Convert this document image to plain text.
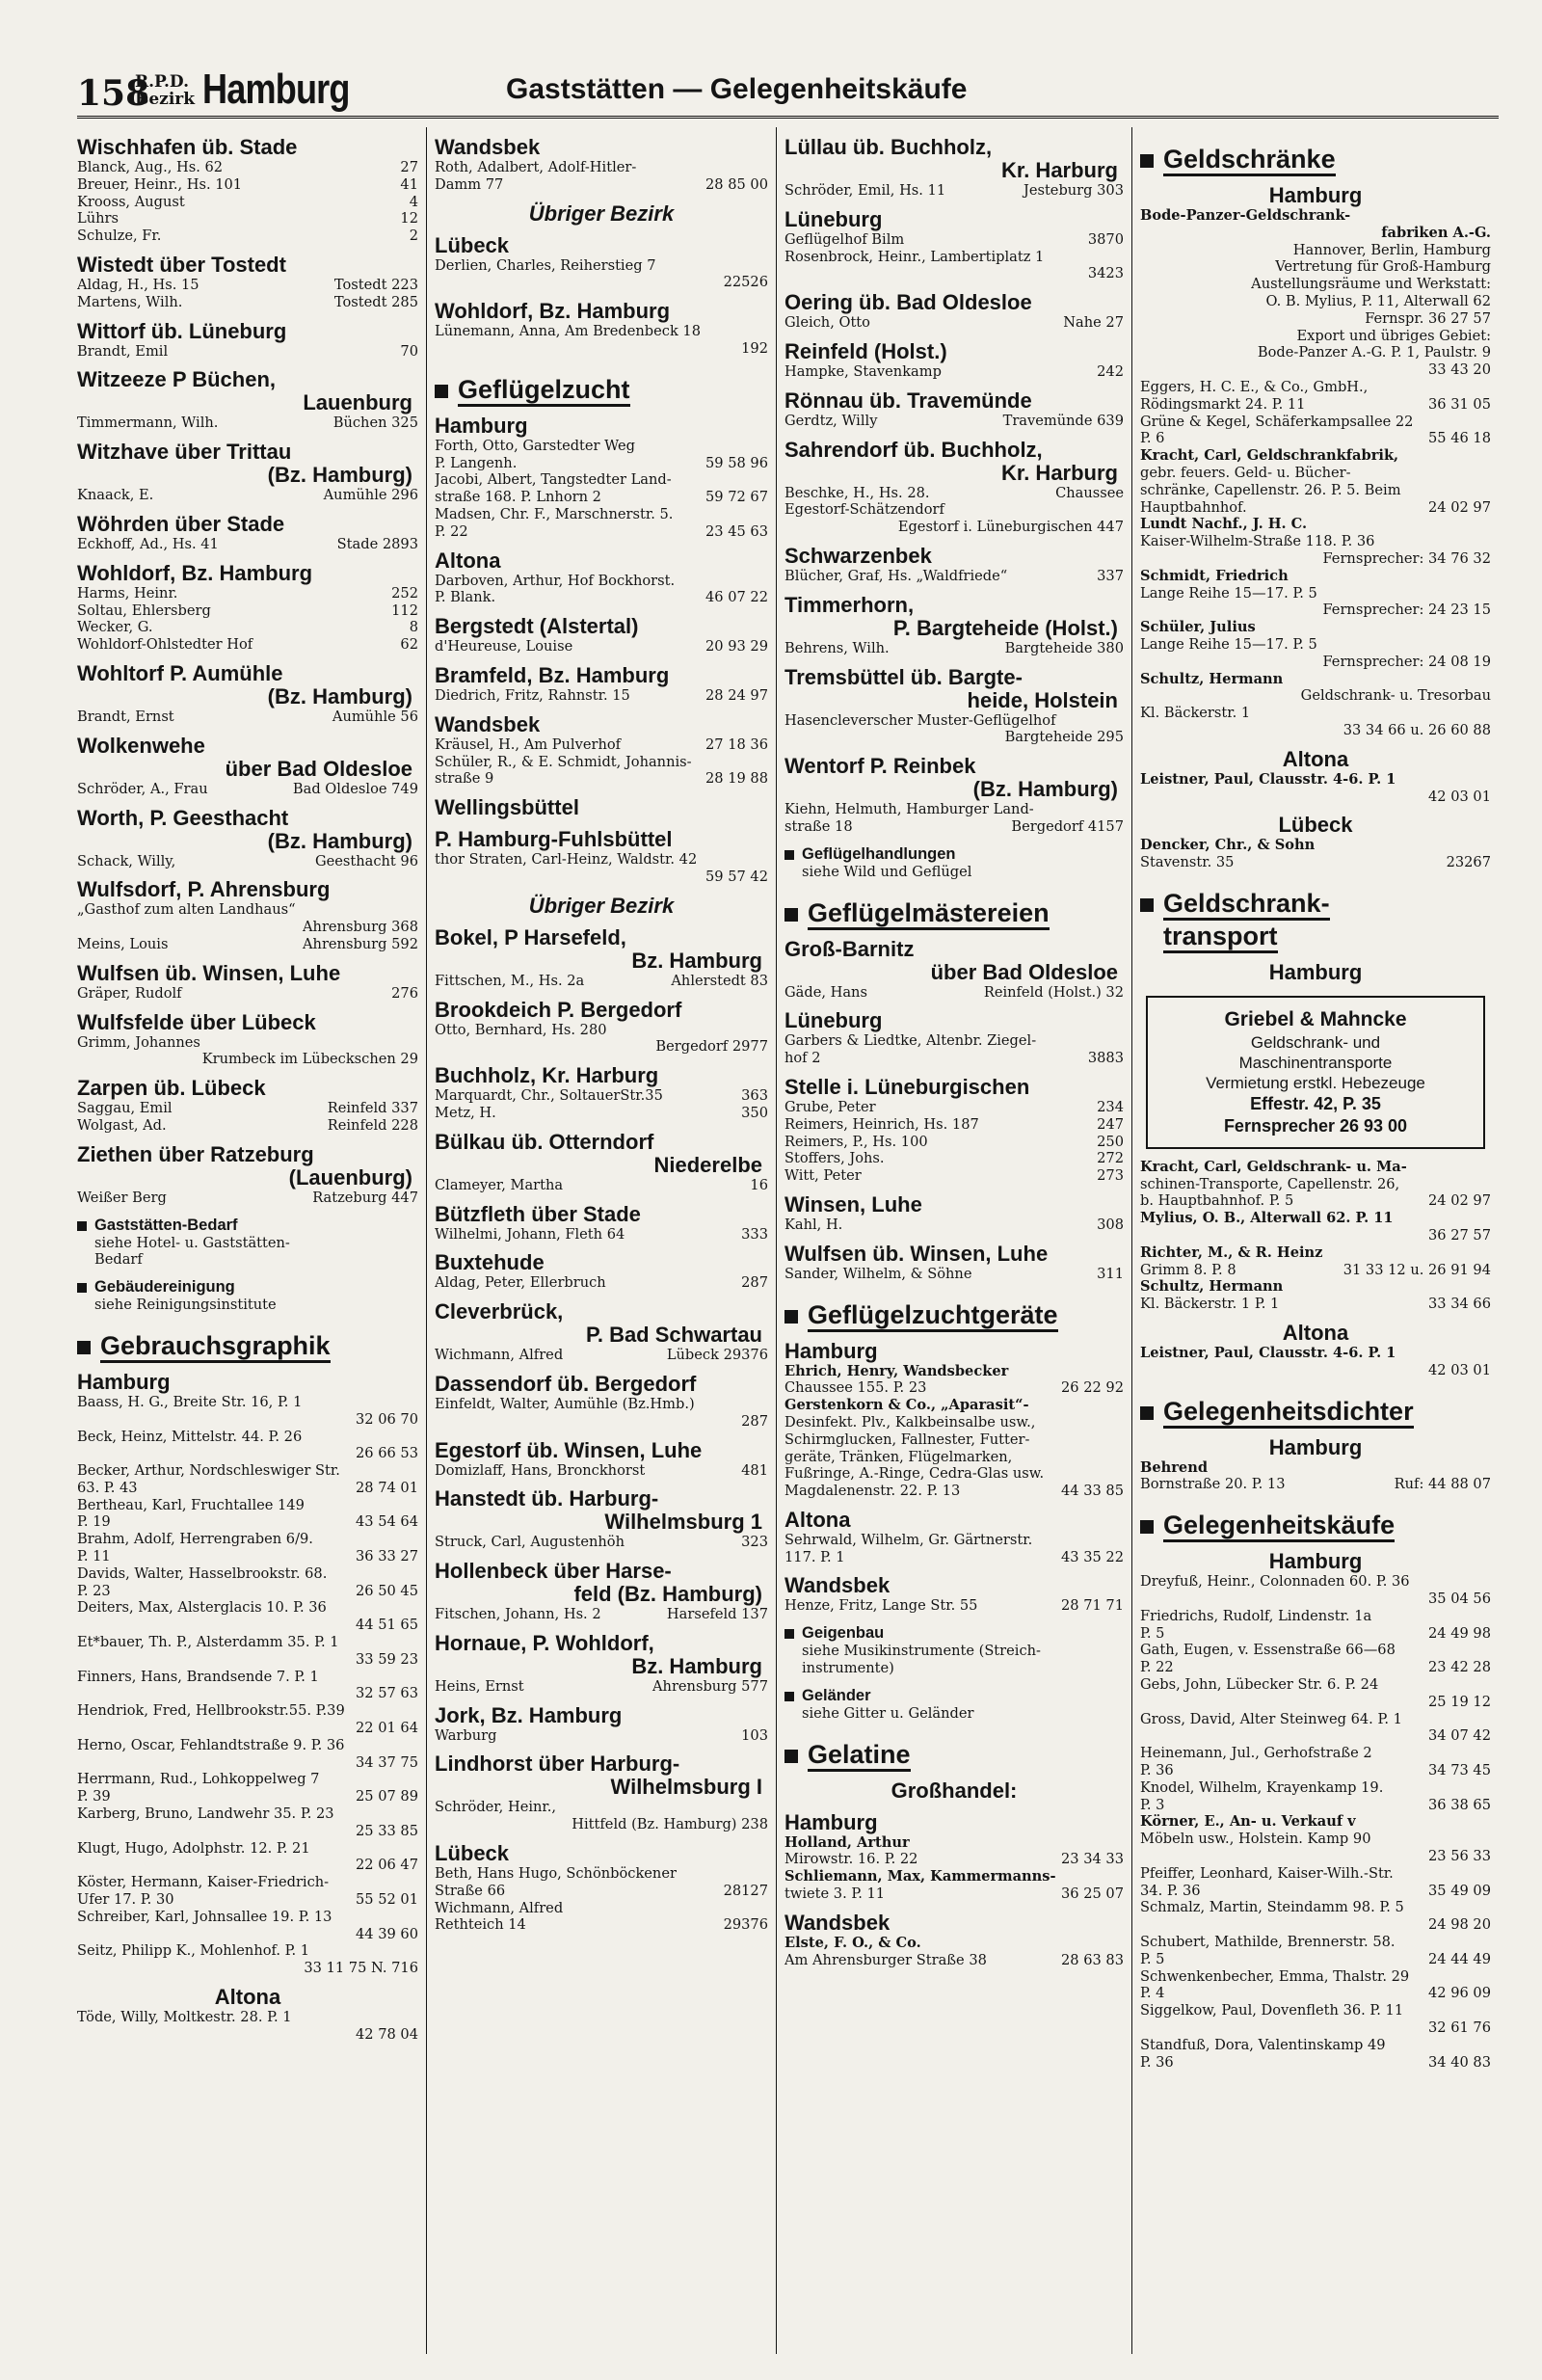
158
R.P.D.
Bezirk Hamburg	Gaststätten — Gelegenheitskäufe
Wischhafen üb. Stade
Blanck, Aug., Hs. 62	27
Breuer, Heinr., Hs. 101	41
Krooss, August	4
Lührs	12
Schulze, Fr.	2
Wistedt über Tostedt
Aldag, H., Hs. 15	Tostedt 223
Martens, Wilh.	Tostedt 285
Wittorf üb. Lüneburg
Brandt, Emil	70
Witzeeze P Büchen,
Lauenburg
Timmermann, Wilh.	Büchen 325
Witzhave über Trittau
(Bz. Hamburg)
Knaack, E.	Aumühle 296
Wöhrden über Stade
Eckhoff, Ad., Hs. 41	Stade 2893
Wohldorf, Bz. Hamburg
Harms, Heinr.	252
Soltau, Ehlersberg	112
Wecker, G.	8
Wohldorf-Ohlstedter Hof	62
Wohltorf P. Aumühle
(Bz. Hamburg)
Brandt, Ernst	Aumühle 56
Wolkenwehe
über Bad Oldesloe
Schröder, A., Frau	Bad Oldesloe 749
Worth, P. Geesthacht
(Bz. Hamburg)
Schack, Willy,	Geesthacht 96
Wulfsdorf, P. Ahrensburg
„Gasthof zum alten Landhaus“
Ahrensburg 368
Meins, Louis	Ahrensburg 592
Wulfsen üb. Winsen, Luhe
Gräper, Rudolf	276
Wulfsfelde über Lübeck
Grimm, Johannes
Krumbeck im Lübeckschen 29
Zarpen üb. Lübeck
Saggau, Emil	Reinfeld 337
Wolgast, Ad.	Reinfeld 228
Ziethen über Ratzeburg
(Lauenburg)
Weißer Berg	Ratzeburg 447
Gaststätten-Bedarf
siehe Hotel- u. Gaststätten-
Bedarf
Gebäudereinigung
siehe Reinigungsinstitute
Gebrauchsgraphik
Hamburg
Baass, H. G., Breite Str. 16, P. 1
32 06 70
Beck, Heinz, Mittelstr. 44. P. 26
26 66 53
Becker, Arthur, Nordschleswiger Str.
63. P. 43	28 74 01
Bertheau, Karl, Fruchtallee 149
P. 19	43 54 64
Brahm, Adolf, Herrengraben 6/9.
P. 11	36 33 27
Davids, Walter, Hasselbrookstr. 68.
P. 23	26 50 45
Deiters, Max, Alsterglacis 10. P. 36
44 51 65
Et*bauer, Th. P., Alsterdamm 35. P. 1
33 59 23
Finners, Hans, Brandsende 7. P. 1
32 57 63
Hendriok, Fred, Hellbrookstr.55. P.39
22 01 64
Herno, Oscar, Fehlandtstraße 9. P. 36
34 37 75
Herrmann, Rud., Lohkoppelweg 7
P. 39	25 07 89
Karberg, Bruno, Landwehr 35. P. 23
25 33 85
Klugt, Hugo, Adolphstr. 12. P. 21
22 06 47
Köster, Hermann, Kaiser-Friedrich-
Ufer 17. P. 30	55 52 01
Schreiber, Karl, Johnsallee 19. P. 13
44 39 60
Seitz, Philipp K., Mohlenhof. P. 1
33 11 75 N. 716
Altona
Töde, Willy, Moltkestr. 28. P. 1
42 78 04
Wandsbek
Roth, Adalbert, Adolf-Hitler-
Damm 77	28 85 00
Übriger Bezirk
Lübeck
Derlien, Charles, Reiherstieg 7
22526
Wohldorf, Bz. Hamburg
Lünemann, Anna, Am Bredenbeck 18
192
Geflügelzucht
Hamburg
Forth, Otto, Garstedter Weg
P. Langenh.	59 58 96
Jacobi, Albert, Tangstedter Land-
straße 168. P. Lnhorn 2	59 72 67
Madsen, Chr. F., Marschnerstr. 5.
P. 22	23 45 63
Altona
Darboven, Arthur, Hof Bockhorst.
P. Blank.	46 07 22
Bergstedt (Alstertal)
d'Heureuse, Louise	20 93 29
Bramfeld, Bz. Hamburg
Diedrich, Fritz, Rahnstr. 15	28 24 97
Wandsbek
Kräusel, H., Am Pulverhof	27 18 36
Schüler, R., & E. Schmidt, Johannis-
straße 9	28 19 88
Wellingsbüttel
P. Hamburg-Fuhlsbüttel
thor Straten, Carl-Heinz, Waldstr. 42
59 57 42
Übriger Bezirk
Bokel, P Harsefeld,
Bz. Hamburg
Fittschen, M., Hs. 2a	Ahlerstedt 83
Brookdeich P. Bergedorf
Otto, Bernhard, Hs. 280
Bergedorf 2977
Buchholz, Kr. Harburg
Marquardt, Chr., SoltauerStr.35	363
Metz, H.	350
Bülkau üb. Otterndorf
Niederelbe
Clameyer, Martha	16
Bützfleth über Stade
Wilhelmi, Johann, Fleth 64	333
Buxtehude
Aldag, Peter, Ellerbruch	287
Cleverbrück,
P. Bad Schwartau
Wichmann, Alfred	Lübeck 29376
Dassendorf üb. Bergedorf
Einfeldt, Walter, Aumühle (Bz.Hmb.)
287
Egestorf üb. Winsen, Luhe
Domizlaff, Hans, Bronckhorst	481
Hanstedt üb. Harburg-
Wilhelmsburg 1
Struck, Carl, Augustenhöh	323
Hollenbeck über Harse-
feld (Bz. Hamburg)
Fitschen, Johann, Hs. 2	Harsefeld 137
Hornaue, P. Wohldorf,
Bz. Hamburg
Heins, Ernst	Ahrensburg 577
Jork, Bz. Hamburg
Warburg	103
Lindhorst über Harburg-
Wilhelmsburg I
Schröder, Heinr.,
Hittfeld (Bz. Hamburg) 238
Lübeck
Beth, Hans Hugo, Schönböckener
Straße 66	28127
Wichmann, Alfred
Rethteich 14	29376
Lüllau üb. Buchholz,
Kr. Harburg
Schröder, Emil, Hs. 11	Jesteburg 303
Lüneburg
Geflügelhof Bilm	3870
Rosenbrock, Heinr., Lambertiplatz 1
3423
Oering üb. Bad Oldesloe
Gleich, Otto	Nahe 27
Reinfeld (Holst.)
Hampke, Stavenkamp	242
Rönnau üb. Travemünde
Gerdtz, Willy	Travemünde 639
Sahrendorf üb. Buchholz,
Kr. Harburg
Beschke, H., Hs. 28.	Chaussee
Egestorf-Schätzendorf
Egestorf i. Lüneburgischen 447
Schwarzenbek
Blücher, Graf, Hs. „Waldfriede“	337
Timmerhorn,
P. Bargteheide (Holst.)
Behrens, Wilh.	Bargteheide 380
Tremsbüttel üb. Bargte-
heide, Holstein
Hasencleverscher Muster-Geflügelhof
Bargteheide 295
Wentorf P. Reinbek
(Bz. Hamburg)
Kiehn, Helmuth, Hamburger Land-
straße 18	Bergedorf 4157
Geflügelhandlungen
siehe Wild und Geflügel
Geflügelmästereien
Groß-Barnitz
über Bad Oldesloe
Gäde, Hans	Reinfeld (Holst.) 32
Lüneburg
Garbers & Liedtke, Altenbr. Ziegel-
hof 2	3883
Stelle i. Lüneburgischen
Grube, Peter	234
Reimers, Heinrich, Hs. 187	247
Reimers, P., Hs. 100	250
Stoffers, Johs.	272
Witt, Peter	273
Winsen, Luhe
Kahl, H.	308
Wulfsen üb. Winsen, Luhe
Sander, Wilhelm, & Söhne	311
Geflügelzuchtgeräte
Hamburg
Ehrich, Henry, Wandsbecker
Chaussee 155. P. 23	26 22 92
Gerstenkorn & Co., „Aparasit“-
Desinfekt. Plv., Kalkbeinsalbe usw.,
Schirmglucken, Fallnester, Futter-
geräte, Tränken, Flügelmarken,
Fußringe, A.-Ringe, Cedra-Glas usw.
Magdalenenstr. 22. P. 13	44 33 85
Altona
Sehrwald, Wilhelm, Gr. Gärtnerstr.
117. P. 1	43 35 22
Wandsbek
Henze, Fritz, Lange Str. 55	28 71 71
Geigenbau
siehe Musikinstrumente (Streich-
instrumente)
Geländer
siehe Gitter u. Geländer
Gelatine
Großhandel:
Hamburg
Holland, Arthur
Mirowstr. 16. P. 22	23 34 33
Schliemann, Max, Kammermanns-
twiete 3. P. 11	36 25 07
Wandsbek
Elste, F. O., & Co.
Am Ahrensburger Straße 38	28 63 83
Geldschränke
Hamburg
Bode-Panzer-Geldschrank-
fabriken A.-G.
Hannover, Berlin, Hamburg
Vertretung für Groß-Hamburg
Austellungsräume und Werkstatt:
O. B. Mylius, P. 11, Alterwall 62
Fernspr. 36 27 57
Export und übriges Gebiet:
Bode-Panzer A.-G. P. 1, Paulstr. 9
33 43 20
Eggers, H. C. E., & Co., GmbH.,
Rödingsmarkt 24. P. 11	36 31 05
Grüne & Kegel, Schäferkampsallee 22
P. 6	55 46 18
Kracht, Carl, Geldschrankfabrik,
gebr. feuers. Geld- u. Bücher-
schränke, Capellenstr. 26. P. 5. Beim
Hauptbahnhof.	24 02 97
Lundt Nachf., J. H. C.
Kaiser-Wilhelm-Straße 118. P. 36
Fernsprecher: 34 76 32
Schmidt, Friedrich
Lange Reihe 15—17. P. 5
Fernsprecher: 24 23 15
Schüler, Julius
Lange Reihe 15—17. P. 5
Fernsprecher: 24 08 19
Schultz, Hermann
Geldschrank- u. Tresorbau
Kl. Bäckerstr. 1
33 34 66 u. 26 60 88
Altona
Leistner, Paul, Clausstr. 4-6. P. 1
42 03 01
Lübeck
Dencker, Chr., & Sohn
Stavenstr. 35	23267
Geldschrank-
transport
Hamburg
Griebel & Mahncke
Geldschrank- und
Maschinentransporte
Vermietung erstkl. Hebezeuge
Effestr. 42, P. 35
Fernsprecher 26 93 00
Kracht, Carl, Geldschrank- u. Ma-
schinen-Transporte, Capellenstr. 26,
b. Hauptbahnhof. P. 5	24 02 97
Mylius, O. B., Alterwall 62. P. 11
36 27 57
Richter, M., & R. Heinz
Grimm 8. P. 8	31 33 12 u. 26 91 94
Schultz, Hermann
Kl. Bäckerstr. 1 P. 1	33 34 66
Altona
Leistner, Paul, Clausstr. 4-6. P. 1
42 03 01
Gelegenheitsdichter
Hamburg
Behrend
Bornstraße 20. P. 13	Ruf: 44 88 07
Gelegenheitskäufe
Hamburg
Dreyfuß, Heinr., Colonnaden 60. P. 36
35 04 56
Friedrichs, Rudolf, Lindenstr. 1a
P. 5	24 49 98
Gath, Eugen, v. Essenstraße 66—68
P. 22	23 42 28
Gebs, John, Lübecker Str. 6. P. 24
25 19 12
Gross, David, Alter Steinweg 64. P. 1
34 07 42
Heinemann, Jul., Gerhofstraße 2
P. 36	34 73 45
Knodel, Wilhelm, Krayenkamp 19.
P. 3	36 38 65
Körner, E., An- u. Verkauf v
Möbeln usw., Holstein. Kamp 90
23 56 33
Pfeiffer, Leonhard, Kaiser-Wilh.-Str.
34. P. 36	35 49 09
Schmalz, Martin, Steindamm 98. P. 5
24 98 20
Schubert, Mathilde, Brennerstr. 58.
P. 5	24 44 49
Schwenkenbecher, Emma, Thalstr. 29
P. 4	42 96 09
Siggelkow, Paul, Dovenfleth 36. P. 11
32 61 76
Standfuß, Dora, Valentinskamp 49
P. 36	34 40 83
